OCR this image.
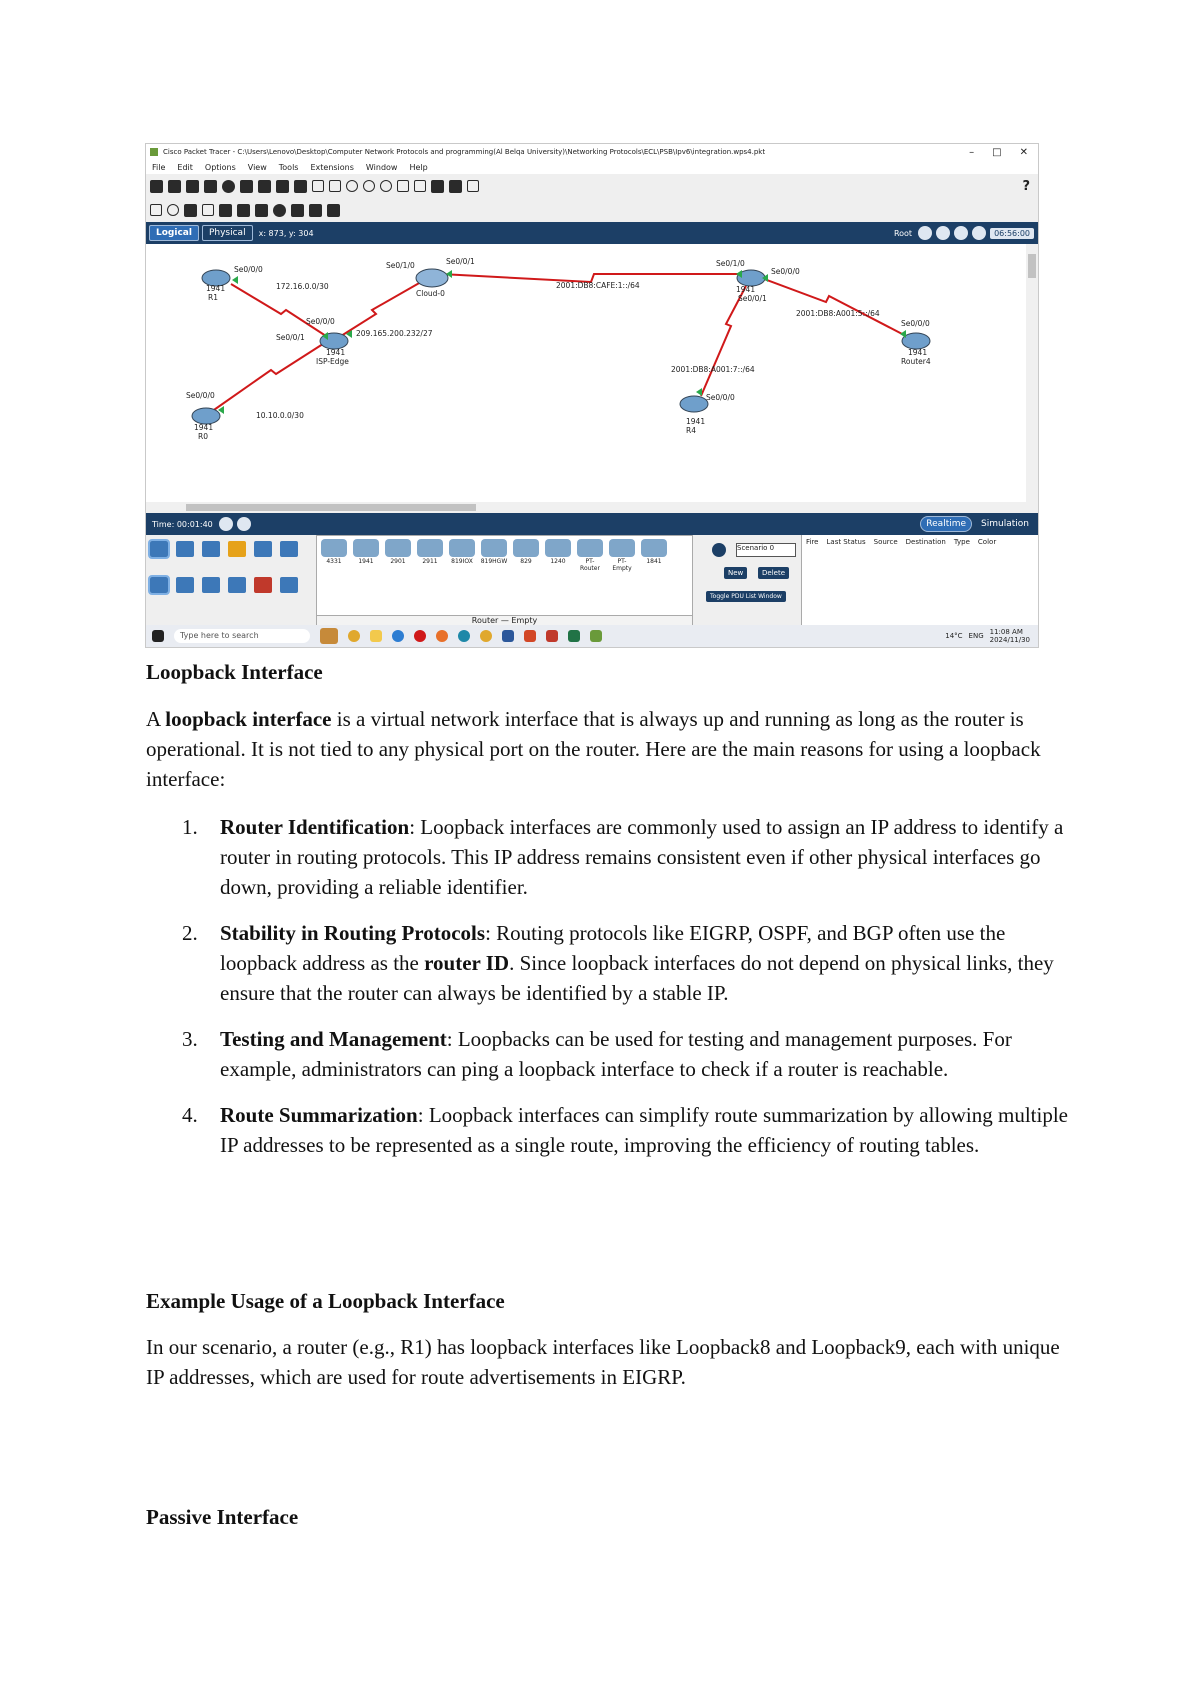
Cisco Packet Tracer - C:\Users\Lenovo\Desktop\Computer Network Protocols and programming(Al Belqa University)\Networking Protocols\ECL\PSB\Ipv6\integration.wps4.pkt	– □ ✕
File Edit Options View Tools Extensions Window Help
?
Logical	Physical	x: 873, y: 304	Root	06:56:00
Se0/0/0
1941
R1
172.16.0.0/30
Se0/1/0	Se0/0/1
Cloud-0
2001:DB8:CAFE:1::/64
Se0/0/0
Se0/0/1	209.165.200.232/27
1941
ISP-Edge
Se0/1/0
Se0/0/0
1941
Se0/0/1
2001:DB8:A001:5::/64
Se0/0/0
1941
Router4
2001:DB8:A001:7::/64
Se0/0/0
1941
R4
Se0/0/0
1941
R0
10.10.0.0/30
Time: 00:01:40	Realtime	Simulation
4331	1941	2901	2911	819IOX	819HGW	829	1240	PT-Router
PT-Empty
1841
Router — Empty
Scenario 0
New	Delete
Toggle PDU List Window
Fire Last Status Source Destination Type Color
Type here to search	14°C ENG 11:08 AM
2024/11/30
Loopback Interface

A loopback interface is a virtual network interface that is always up and running as long as the router is operational. It is not tied to any physical port on the router. Here are the main reasons for using a loopback interface:

1. Router Identification: Loopback interfaces are commonly used to assign an IP address to identify a router in routing protocols. This IP address remains consistent even if other physical interfaces go down, providing a reliable identifier.
2. Stability in Routing Protocols: Routing protocols like EIGRP, OSPF, and BGP often use the loopback address as the router ID. Since loopback interfaces do not depend on physical links, they ensure that the router can always be identified by a stable IP.
3. Testing and Management: Loopbacks can be used for testing and management purposes. For example, administrators can ping a loopback interface to check if a router is reachable.
4. Route Summarization: Loopback interfaces can simplify route summarization by allowing multiple IP addresses to be represented as a single route, improving the efficiency of routing tables.
Example Usage of a Loopback Interface

In our scenario, a router (e.g., R1) has loopback interfaces like Loopback8 and Loopback9, each with unique IP addresses, which are used for route advertisements in EIGRP.

Passive Interface
